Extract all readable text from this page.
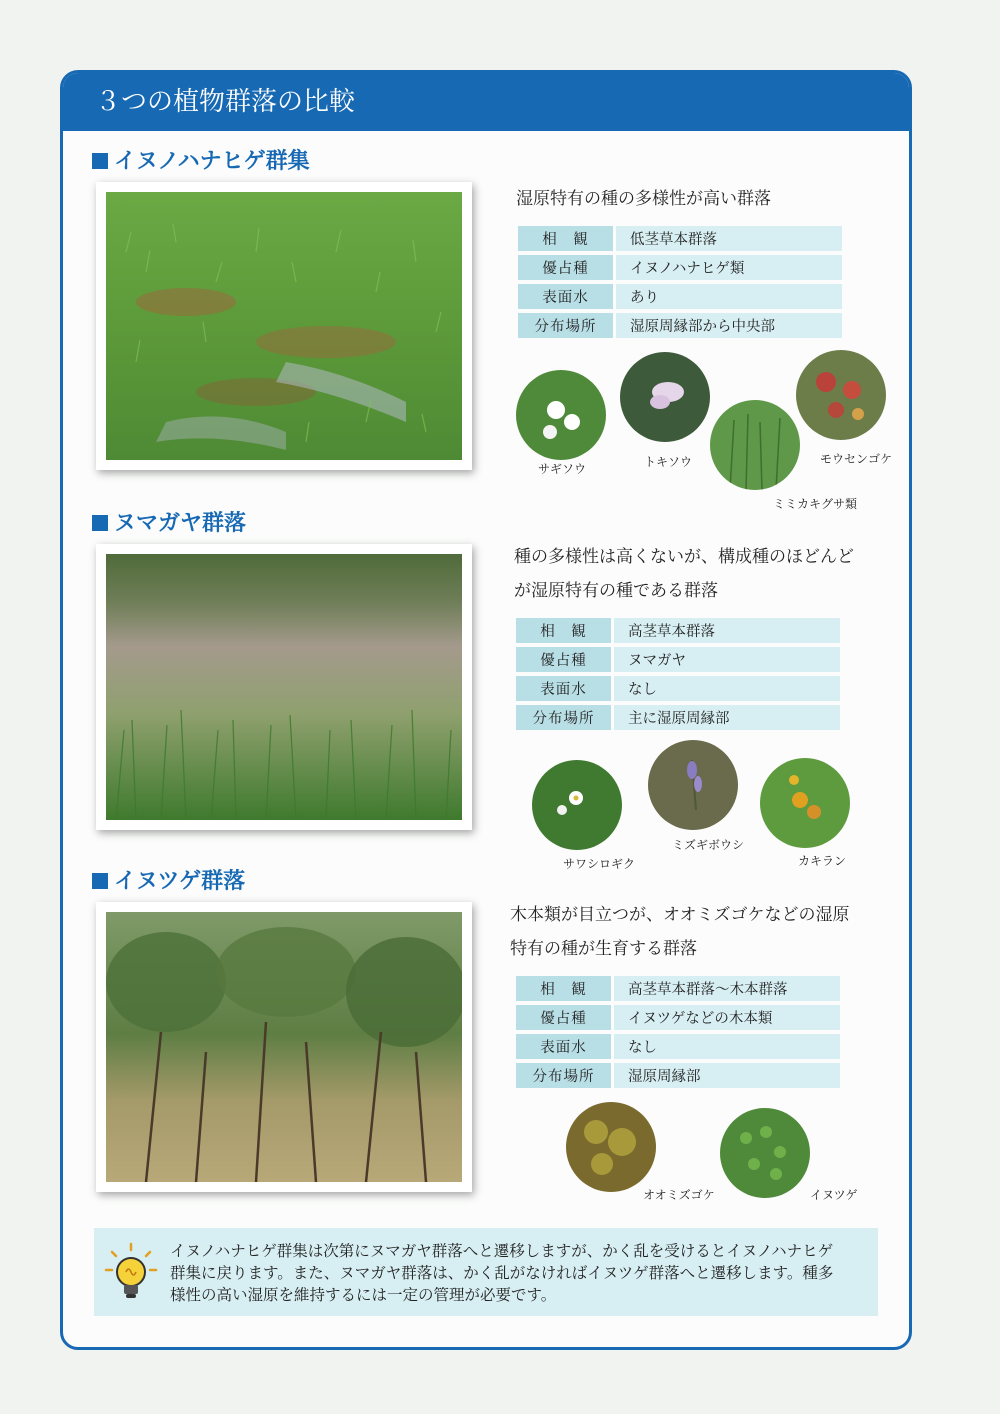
３つの植物群落の比較
イヌノハナヒゲ群集
湿原特有の種の多様性が高い群落
相　観	低茎草本群落
優占種	イヌノハナヒゲ類
表面水	あり
分布場所	湿原周縁部から中央部
サギソウ	トキソウ
ミミカキグサ類
モウセンゴケ
ヌマガヤ群落
種の多様性は高くないが、構成種のほどんど
が湿原特有の種である群落
相　観	高茎草本群落
優占種	ヌマガヤ
表面水	なし
分布場所	主に湿原周縁部
サワシロギク
ミズギボウシ
カキラン
イヌツゲ群落
木本類が目立つが、オオミズゴケなどの湿原
特有の種が生育する群落
相　観	高茎草本群落〜木本群落
優占種	イヌツゲなどの木本類
表面水	なし
分布場所	湿原周縁部
オオミズゴケ	イヌツゲ
イヌノハナヒゲ群集は次第にヌマガヤ群落へと遷移しますが、かく乱を受けるとイヌノハナヒゲ
群集に戻ります。また、ヌマガヤ群落は、かく乱がなければイヌツゲ群落へと遷移します。種多
様性の高い湿原を維持するには一定の管理が必要です。
